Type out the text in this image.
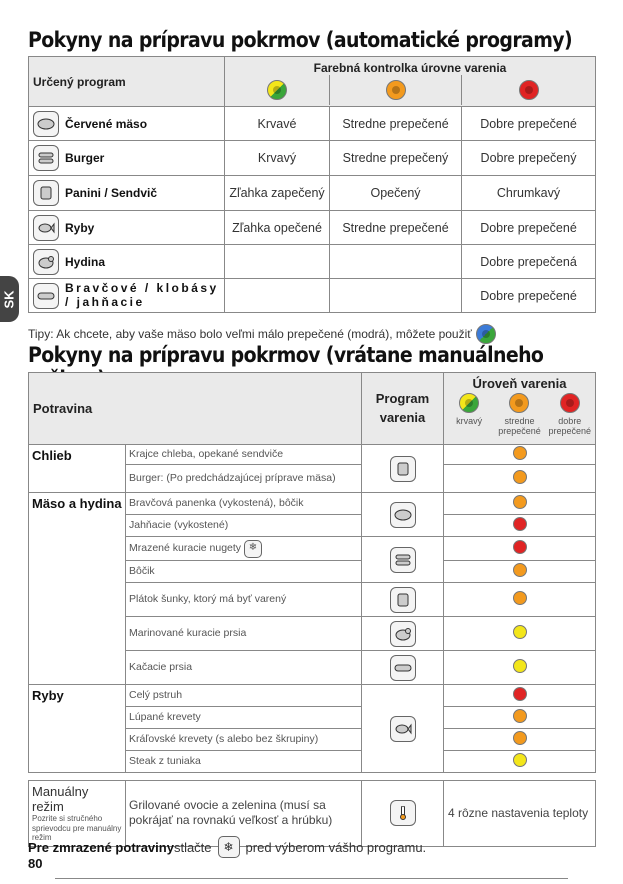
SK
Pokyny na prípravu pokrmov (automatické programy)
Určený program	Farebná kontrolka úrovne varenia		

Červené mäso	Krvavé	Stredne prepečené	Dobre prepečené

Burger	Krvavý	Stredne prepečený	Dobre prepečený

Panini / Sendvič	Zľahka zapečený	Opečený	Chrumkavý

Ryby	Zľahka opečené	Stredne prepečené	Dobre prepečené

Hydina			Dobre prepečená

Bravčové / klobásy / jahňacie			Dobre prepečené
Tipy: Ak chcete, aby vaše mäso bolo veľmi málo prepečené (modrá), môžete použiť
Pokyny na prípravu pokrmov (vrátane manuálneho režimu)
Potravina		Program varenia	Úroveň varenia
krvavý stredne prepečené
dobre prepečené

Chlieb	Krajce chleba, opekané sendviče	

	Burger: (Po predchádzajúcej príprave mäsa)		
Mäso a hydina	Bravčová panenka (vykostená), bôčik	

	Jahňacie (vykostené)		
	Mrazené kuracie nugety ❄	

	Bôčik		
	Plátok šunky, ktorý má byť varený	

	Marinované kuracie prsia	

	Kačacie prsia	

Ryby	Celý pstruh	

	Lúpané krevety		
	Kráľovské krevety (s alebo bez škrupiny)		
	Steak z tuniaka		

Manuálny režim
Pozrite si stručného sprievodcu pre manuálny režim	Grilované ovocie a zelenina (musí sa pokrájať na rovnakú veľkosť a hrúbku)		4 rôzne nastavenia teploty
Pre zmrazené potravinystlačte ❄ pred výberom vášho programu.
80
